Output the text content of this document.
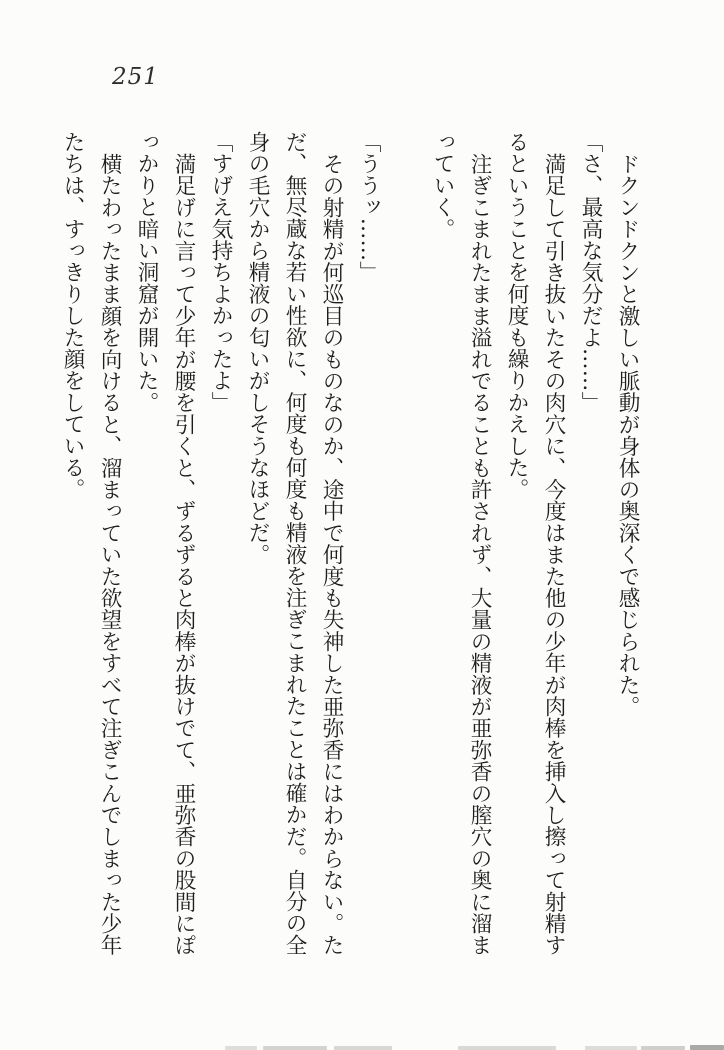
251
ドクンドクンと激しい脈動が身体の奥深くで感じられた。
「さ、最高な気分だよ……」
満足して引き抜いたその肉穴に、今度はまた他の少年が肉棒を挿入し擦って射精す
るということを何度も繰りかえした。
注ぎこまれたまま溢れでることも許されず、大量の精液が亜弥香の膣穴の奥に溜ま
っていく。
「ううッ……」
その射精が何巡目のものなのか、途中で何度も失神した亜弥香にはわからない。た
だ、無尽蔵な若い性欲に、何度も何度も精液を注ぎこまれたことは確かだ。自分の全
身の毛穴から精液の匂いがしそうなほどだ。
「すげえ気持ちよかったよ」
満足げに言って少年が腰を引くと、ずるずると肉棒が抜けでて、亜弥香の股間にぽ
っかりと暗い洞窟が開いた。
横たわったまま顔を向けると、溜まっていた欲望をすべて注ぎこんでしまった少年
たちは、すっきりした顔をしている。
